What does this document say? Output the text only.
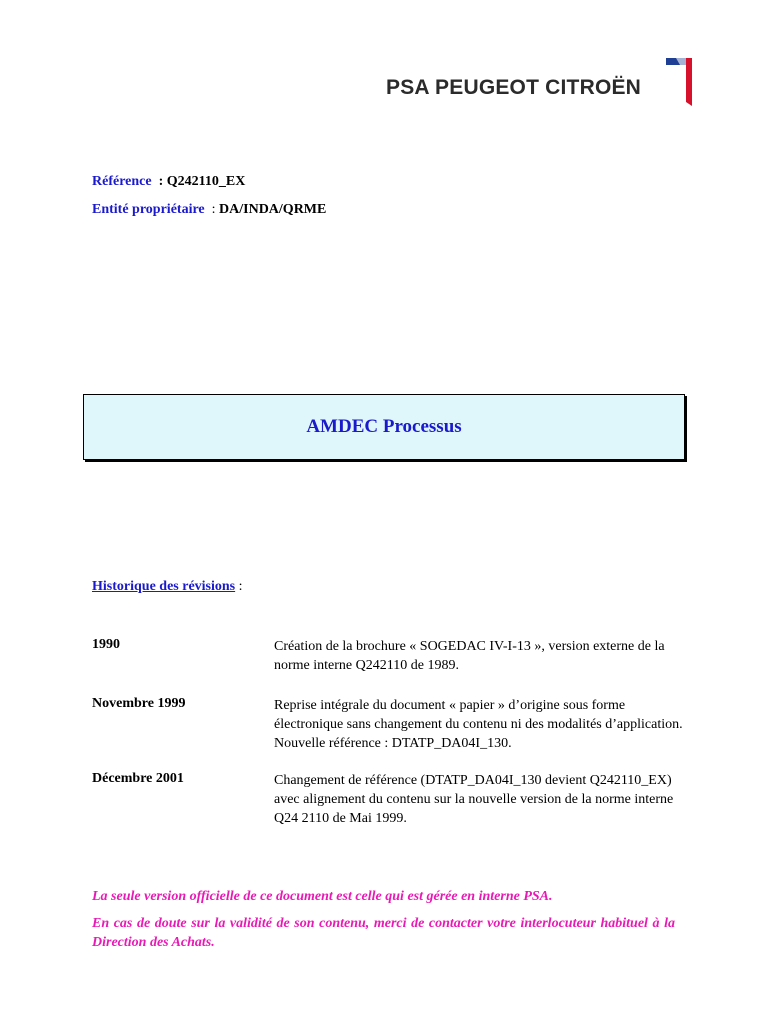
PSA PEUGEOT CITROËN
Référence  : Q242110_EX
Entité propriétaire  : DA/INDA/QRME
AMDEC Processus
Historique des révisions :
1990	Création de la brochure « SOGEDAC IV-I-13 », version externe de la norme interne Q242110 de 1989.
Novembre 1999	Reprise intégrale du document « papier » d’origine sous forme électronique sans changement du contenu ni des modalités d’application. Nouvelle référence : DTATP_DA04I_130.
Décembre 2001	Changement de référence (DTATP_DA04I_130 devient Q242110_EX) avec alignement du contenu sur la nouvelle version de la norme interne Q24 2110 de Mai 1999.
La seule version officielle de ce document est celle qui est gérée en interne PSA.
En cas de doute sur la validité de son contenu, merci de contacter votre interlocuteur habituel à la Direction des Achats.
